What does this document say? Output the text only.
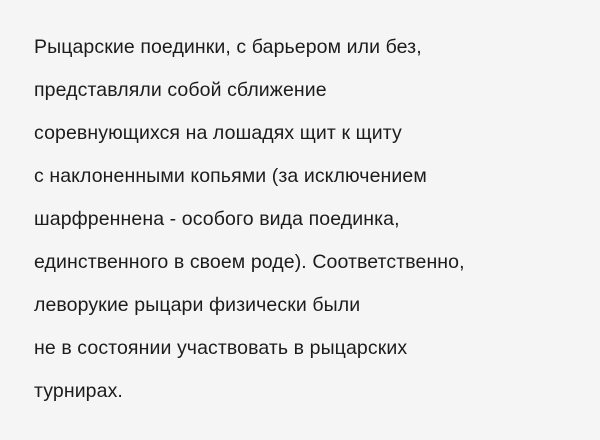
Рыцарские поединки, с барьером или без,
представляли собой сближение
соревнующихся на лошадях щит к щиту
с наклоненными копьями (за исключением
шарфреннена - особого вида поединка,
единственного в своем роде). Соответственно,
леворукие рыцари физически были
не в состоянии участвовать в рыцарских
турнирах.
